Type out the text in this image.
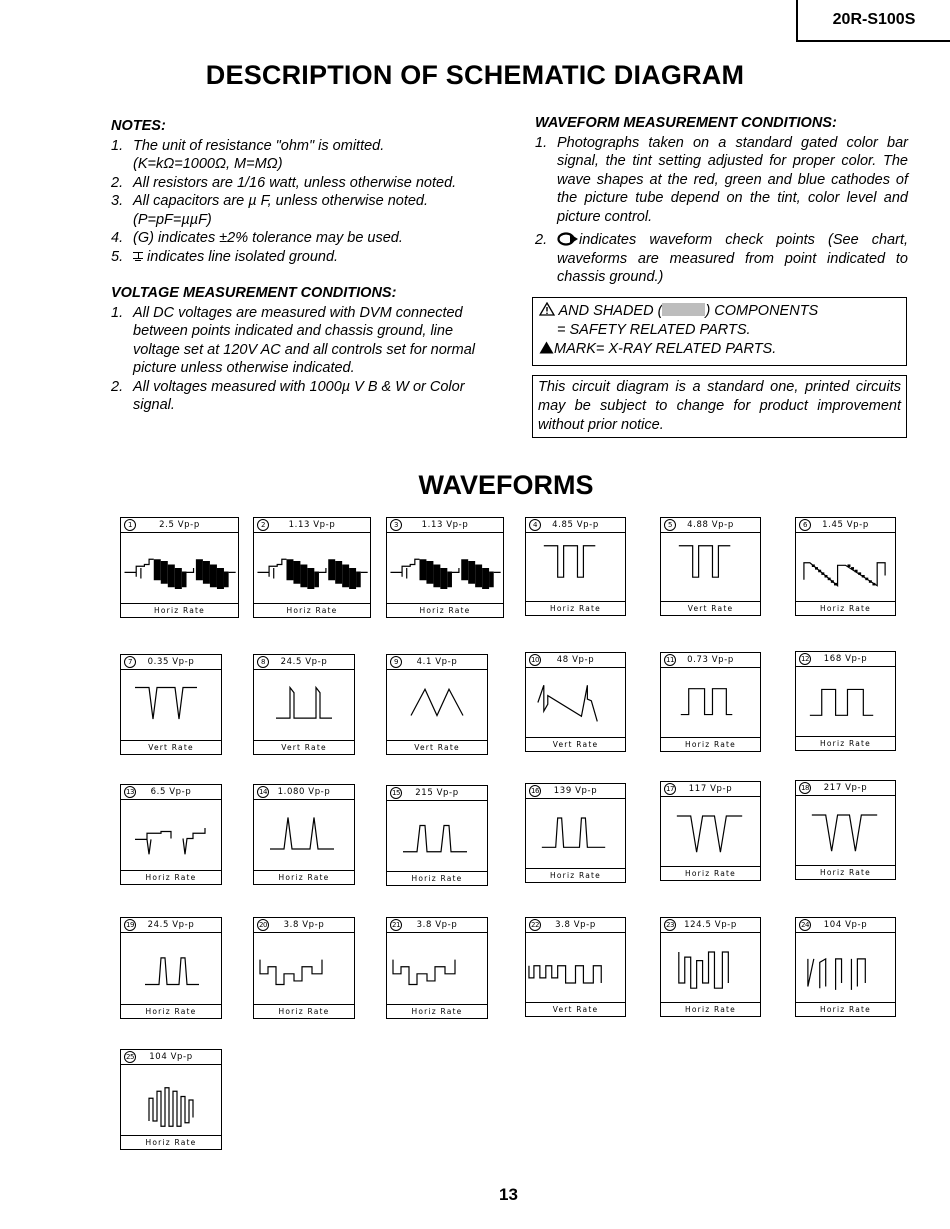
20R-S100S
DESCRIPTION OF SCHEMATIC DIAGRAM
NOTES:
1. The unit of resistance "ohm" is omitted.
(K=kΩ=1000Ω, M=MΩ)
2. All resistors are 1/16 watt, unless otherwise noted.
3. All capacitors are µ F, unless otherwise noted.
(P=pF=µµF)
4. (G) indicates ±2% tolerance may be used.
5. indicates line isolated ground.
VOLTAGE MEASUREMENT CONDITIONS:
1. All DC voltages are measured with DVM connected between points indicated and chassis ground, line voltage set at 120V AC and all controls set for normal picture unless otherwise indicated.
2. All voltages measured with 1000µ V B & W or Color signal.
WAVEFORM MEASUREMENT CONDITIONS:
1. Photographs taken on a standard gated color bar signal, the tint setting adjusted for proper color. The wave shapes at the red, green and blue cathodes of the picture tube depend on the tint, color level and picture control.
2. indicates waveform check points (See chart, waveforms are measured from point indicated to chassis ground.)
AND SHADED (	) COMPONENTS
= SAFETY RELATED PARTS.
MARK= X-RAY RELATED PARTS.
This circuit diagram is a standard one, printed circuits may be subject to change for product improvement without prior notice.
WAVEFORMS
1	2.5 Vp-p
Horiz Rate
2	1.13 Vp-p
Horiz Rate
3	1.13 Vp-p
Horiz Rate
4	4.85 Vp-p
Horiz Rate
5	4.88 Vp-p
Vert Rate
6	1.45 Vp-p
Horiz Rate
7	0.35 Vp-p
Vert Rate
8	24.5 Vp-p
Vert Rate
9	4.1 Vp-p
Vert Rate
10	48 Vp-p
Vert Rate
11	0.73 Vp-p
Horiz Rate
12	168 Vp-p
Horiz Rate
13	6.5 Vp-p
Horiz Rate
14	1.080 Vp-p
Horiz Rate
15	215 Vp-p
Horiz Rate
16	139 Vp-p
Horiz Rate
17	117 Vp-p
Horiz Rate
18	217 Vp-p
Horiz Rate
19	24.5 Vp-p
Horiz Rate
20	3.8 Vp-p
Horiz Rate
21	3.8 Vp-p
Horiz Rate
22	3.8 Vp-p
Vert Rate
23	124.5 Vp-p
Horiz Rate
24	104 Vp-p
Horiz Rate
25	104 Vp-p
Horiz Rate
13
